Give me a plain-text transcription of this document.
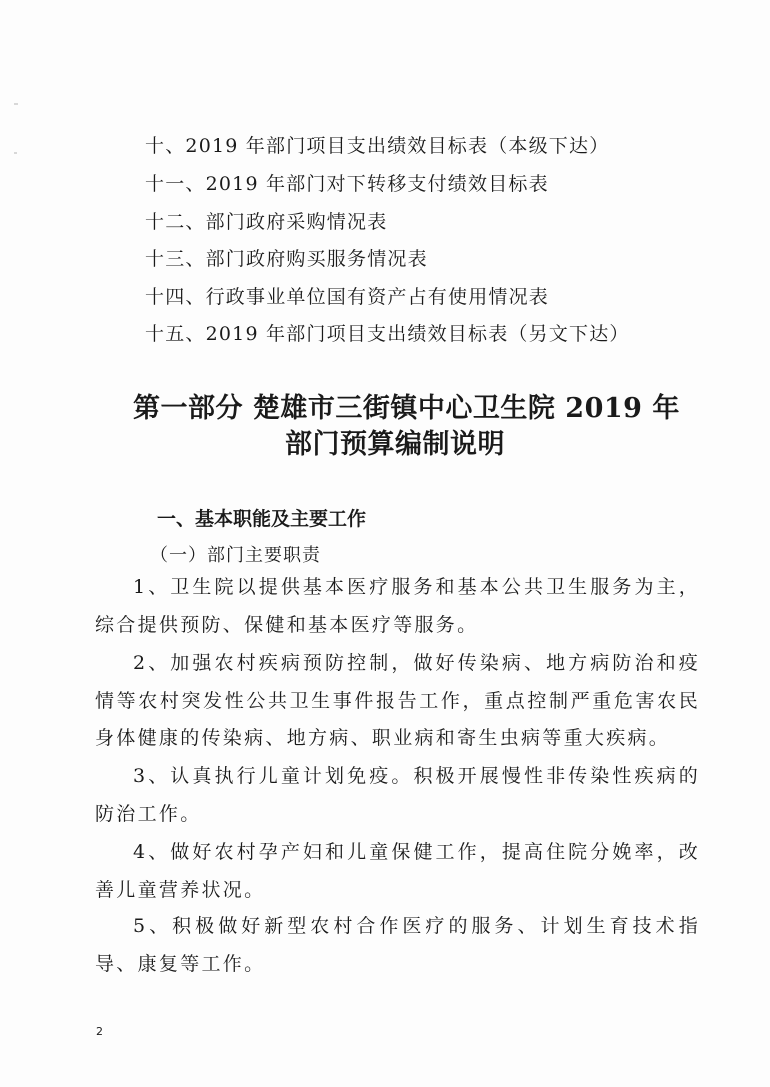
十、2019 年部门项目支出绩效目标表（本级下达）
十一、2019 年部门对下转移支付绩效目标表
十二、部门政府采购情况表
十三、部门政府购买服务情况表
十四、行政事业单位国有资产占有使用情况表
十五、2019 年部门项目支出绩效目标表（另文下达）
第一部分 楚雄市三街镇中心卫生院 2019 年
部门预算编制说明
一、基本职能及主要工作
（一）部门主要职责

1、卫生院以提供基本医疗服务和基本公共卫生服务为主，综合提供预防、保健和基本医疗等服务。

2、加强农村疾病预防控制，做好传染病、地方病防治和疫情等农村突发性公共卫生事件报告工作，重点控制严重危害农民身体健康的传染病、地方病、职业病和寄生虫病等重大疾病。

3、认真执行儿童计划免疫。积极开展慢性非传染性疾病的防治工作。

4、做好农村孕产妇和儿童保健工作，提高住院分娩率，改善儿童营养状况。

5、积极做好新型农村合作医疗的服务、计划生育技术指导、康复等工作。

2
